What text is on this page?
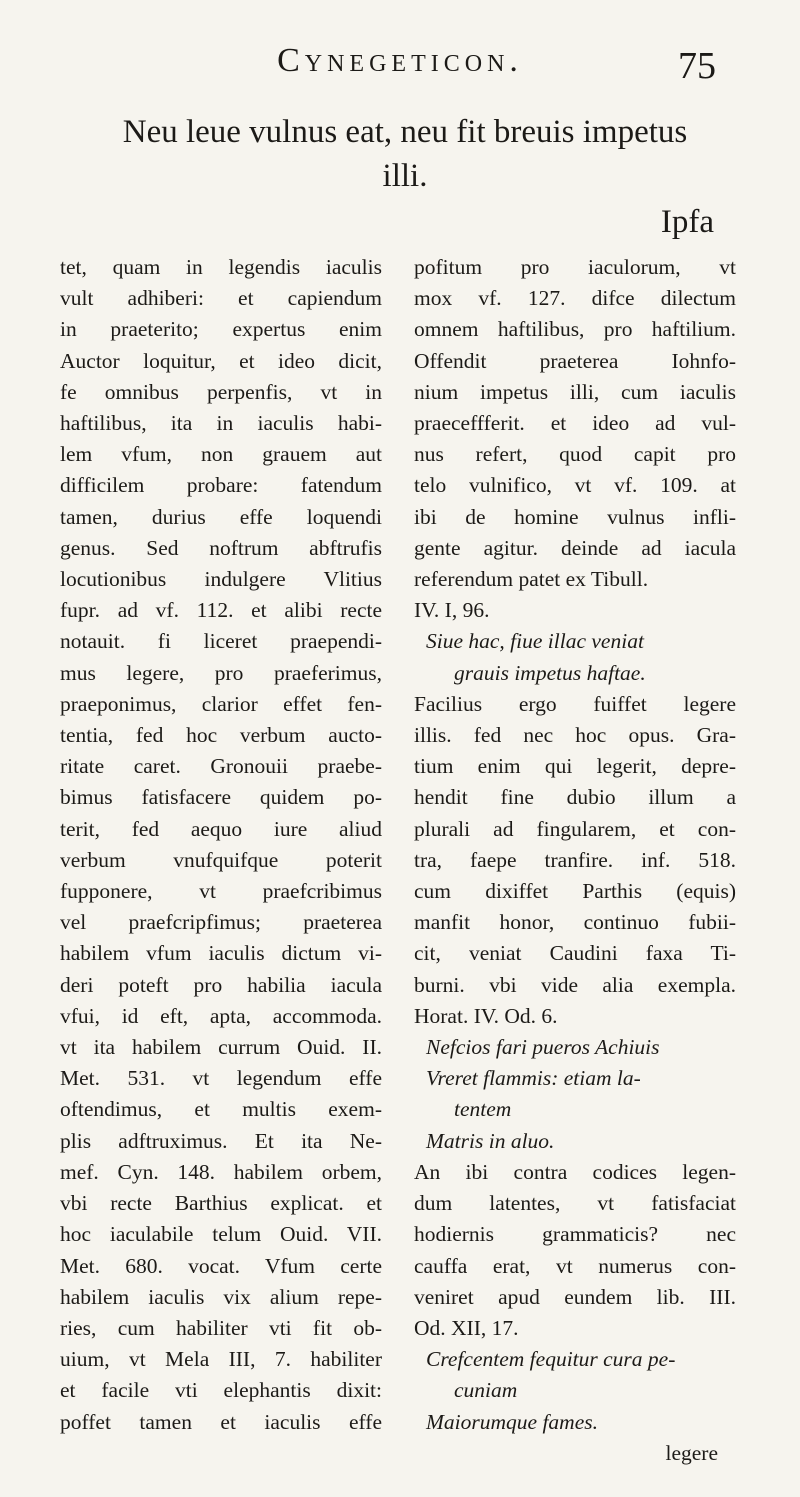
Cynegeticon.	75
Neu leue vulnus eat, neu fit breuis impetus illi.
Ipfa
tet, quam in legendis iaculis
vult adhiberi: et capiendum
in praeterito; expertus enim
Auctor loquitur, et ideo dicit,
fe omnibus perpenfis, vt in
haftilibus, ita in iaculis habi-
lem vfum, non grauem aut
difficilem probare: fatendum
tamen, durius effe loquendi
genus. Sed noftrum abftrufis
locutionibus indulgere Vlitius
fupr. ad vf. 112. et alibi recte
notauit. fi liceret praependi-
mus legere, pro praeferimus,
praeponimus, clarior effet fen-
tentia, fed hoc verbum aucto-
ritate caret. Gronouii praebe-
bimus fatisfacere quidem po-
terit, fed aequo iure aliud
verbum vnufquifque poterit
fupponere, vt praefcribimus
vel praefcripfimus; praeterea
habilem vfum iaculis dictum vi-
deri poteft pro habilia iacula
vfui, id eft, apta, accommoda.
vt ita habilem currum Ouid. II.
Met. 531. vt legendum effe
oftendimus, et multis exem-
plis adftruximus. Et ita Ne-
mef. Cyn. 148. habilem orbem,
vbi recte Barthius explicat. et
hoc iaculabile telum Ouid. VII.
Met. 680. vocat. Vfum certe
habilem iaculis vix alium repe-
ries, cum habiliter vti fit ob-
uium, vt Mela III, 7. habiliter
et facile vti elephantis dixit:
poffet tamen et iaculis effe
pofitum pro iaculorum, vt
mox vf. 127. difce dilectum
omnem haftilibus, pro haftilium.
Offendit praeterea Iohnfo-
nium impetus illi, cum iaculis
praeceffferit. et ideo ad vul-
nus refert, quod capit pro
telo vulnifico, vt vf. 109. at
ibi de homine vulnus infli-
gente agitur. deinde ad iacula
referendum patet ex Tibull.
IV. I, 96.
Siue hac, fiue illac veniat
grauis impetus haftae.
Facilius ergo fuiffet legere
illis. fed nec hoc opus. Gra-
tium enim qui legerit, depre-
hendit fine dubio illum a
plurali ad fingularem, et con-
tra, faepe tranfire. inf. 518.
cum dixiffet Parthis (equis)
manfit honor, continuo fubii-
cit, veniat Caudini faxa Ti-
burni. vbi vide alia exempla.
Horat. IV. Od. 6.
Nefcios fari pueros Achiuis
Vreret flammis: etiam la-
tentem
Matris in aluo.
An ibi contra codices legen-
dum latentes, vt fatisfaciat
hodiernis grammaticis? nec
cauffa erat, vt numerus con-
veniret apud eundem lib. III.
Od. XII, 17.
Crefcentem fequitur cura pe-
cuniam
Maiorumque fames.
legere
